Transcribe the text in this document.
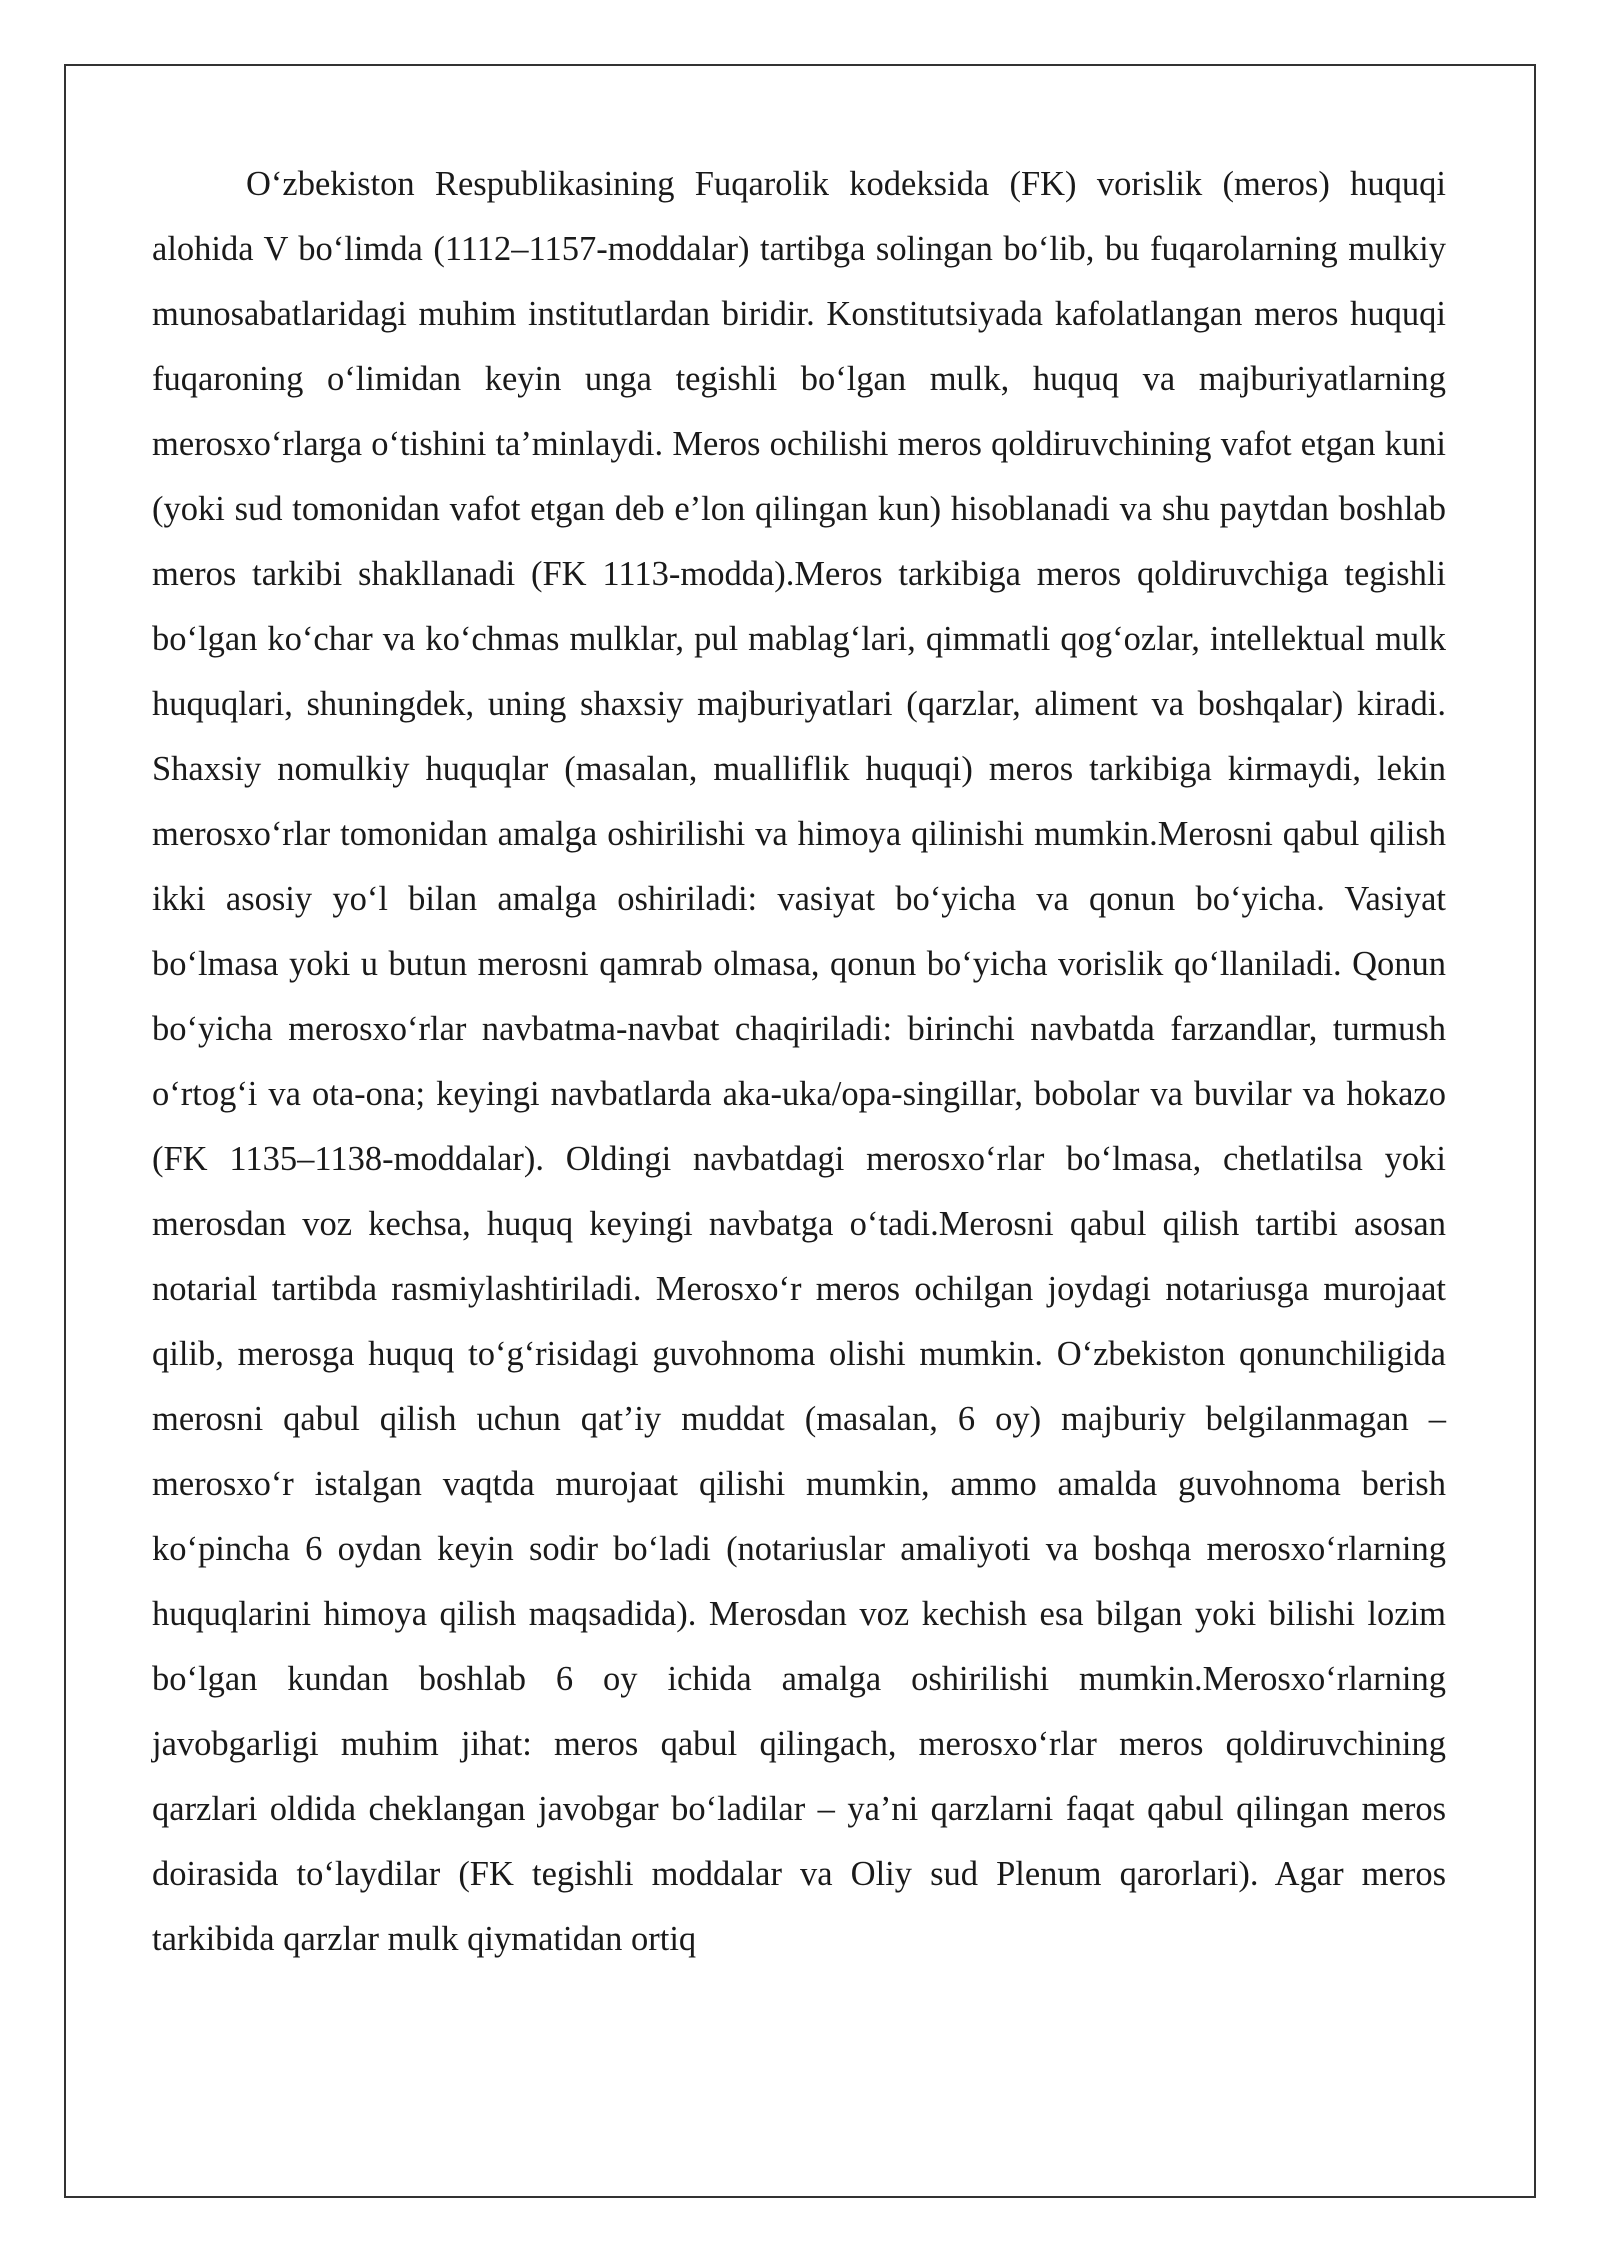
O‘zbekiston Respublikasining Fuqarolik kodeksida (FK) vorislik (meros) huquqi alohida V bo‘limda (1112–1157-moddalar) tartibga solingan bo‘lib, bu fuqarolarning mulkiy munosabatlaridagi muhim institutlardan biridir. Konstitutsiyada kafolatlangan meros huquqi fuqaroning o‘limidan keyin unga tegishli bo‘lgan mulk, huquq va majburiyatlarning merosxo‘rlarga o‘tishini ta’minlaydi. Meros ochilishi meros qoldiruvchining vafot etgan kuni (yoki sud tomonidan vafot etgan deb e’lon qilingan kun) hisoblanadi va shu paytdan boshlab meros tarkibi shakllanadi (FK 1113-modda).Meros tarkibiga meros qoldiruvchiga tegishli bo‘lgan ko‘char va ko‘chmas mulklar, pul mablag‘lari, qimmatli qog‘ozlar, intellektual mulk huquqlari, shuningdek, uning shaxsiy majburiyatlari (qarzlar, aliment va boshqalar) kiradi. Shaxsiy nomulkiy huquqlar (masalan, mualliflik huquqi) meros tarkibiga kirmaydi, lekin merosxo‘rlar tomonidan amalga oshirilishi va himoya qilinishi mumkin.Merosni qabul qilish ikki asosiy yo‘l bilan amalga oshiriladi: vasiyat bo‘yicha va qonun bo‘yicha. Vasiyat bo‘lmasa yoki u butun merosni qamrab olmasa, qonun bo‘yicha vorislik qo‘llaniladi. Qonun bo‘yicha merosxo‘rlar navbatma-navbat chaqiriladi: birinchi navbatda farzandlar, turmush o‘rtog‘i va ota-ona; keyingi navbatlarda aka-uka/opa-singillar, bobolar va buvilar va hokazo (FK 1135–1138-moddalar). Oldingi navbatdagi merosxo‘rlar bo‘lmasa, chetlatilsa yoki merosdan voz kechsa, huquq keyingi navbatga o‘tadi.Merosni qabul qilish tartibi asosan notarial tartibda rasmiylashtiriladi. Merosxo‘r meros ochilgan joydagi notariusga murojaat qilib, merosga huquq to‘g‘risidagi guvohnoma olishi mumkin. O‘zbekiston qonunchiligida merosni qabul qilish uchun qat’iy muddat (masalan, 6 oy) majburiy belgilanmagan – merosxo‘r istalgan vaqtda murojaat qilishi mumkin, ammo amalda guvohnoma berish ko‘pincha 6 oydan keyin sodir bo‘ladi (notariuslar amaliyoti va boshqa merosxo‘rlarning huquqlarini himoya qilish maqsadida). Merosdan voz kechish esa bilgan yoki bilishi lozim bo‘lgan kundan boshlab 6 oy ichida amalga oshirilishi mumkin.Merosxo‘rlarning javobgarligi muhim jihat: meros qabul qilingach, merosxo‘rlar meros qoldiruvchining qarzlari oldida cheklangan javobgar bo‘ladilar – ya’ni qarzlarni faqat qabul qilingan meros doirasida to‘laydilar (FK tegishli moddalar va Oliy sud Plenum qarorlari). Agar meros tarkibida qarzlar mulk qiymatidan ortiq
